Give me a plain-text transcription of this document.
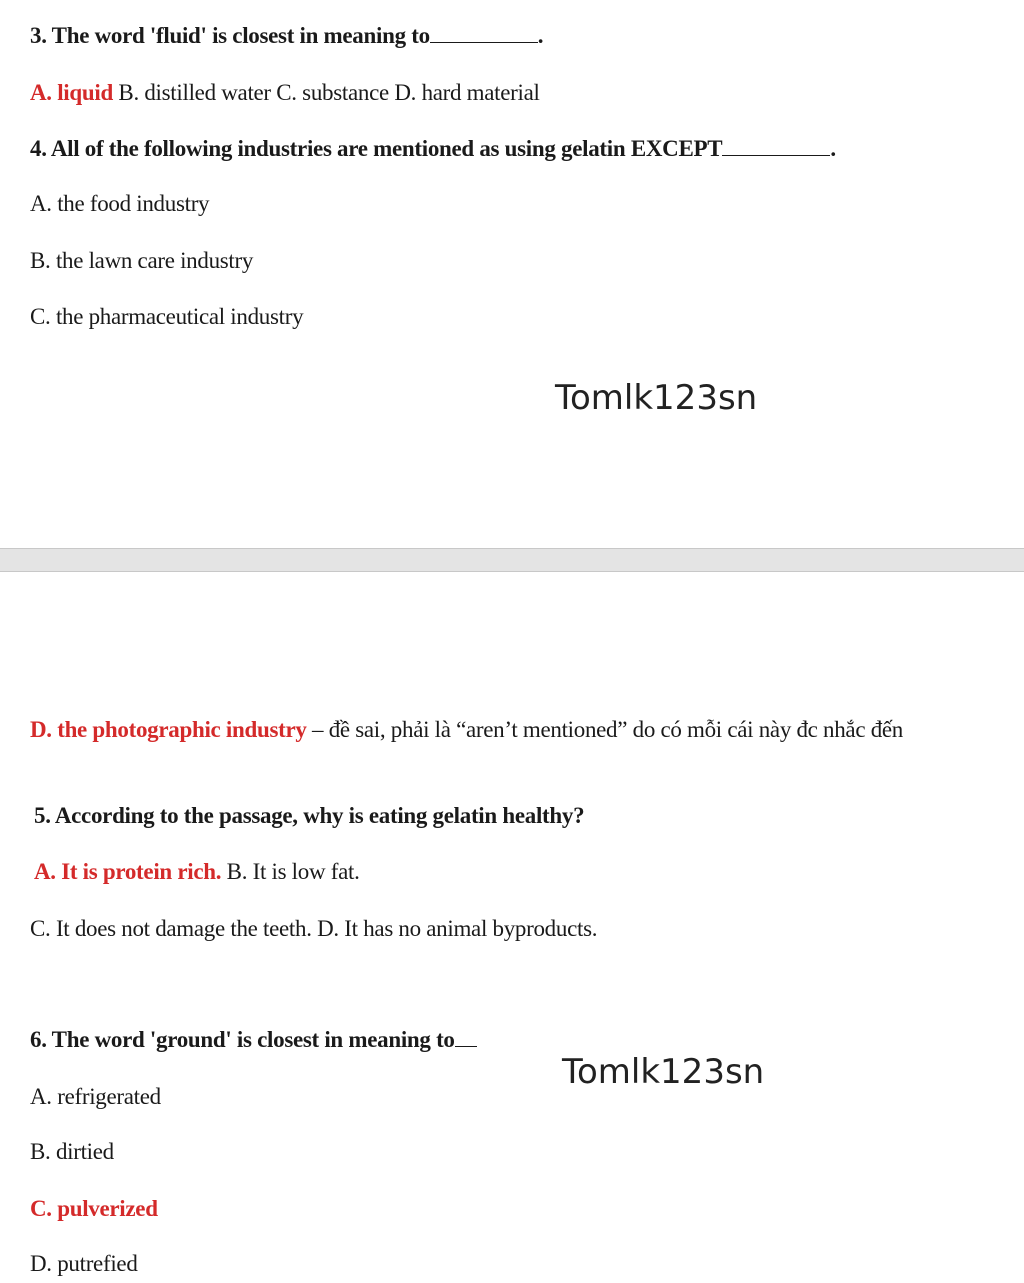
3. The word 'fluid' is closest in meaning to	.
A. liquid B. distilled water C. substance D. hard material
4. All of the following industries are mentioned as using gelatin EXCEPT	.
A. the food industry
B. the lawn care industry
C. the pharmaceutical industry
Tomlk123sn
D. the photographic industry – đề sai, phải là “aren’t mentioned” do có mỗi cái này đc nhắc đến
5. According to the passage, why is eating gelatin healthy?
A. It is protein rich. B. It is low fat.
C. It does not damage the teeth. D. It has no animal byproducts.
6. The word 'ground' is closest in meaning to
Tomlk123sn
A. refrigerated
B. dirtied
C. pulverized
D. putrefied
